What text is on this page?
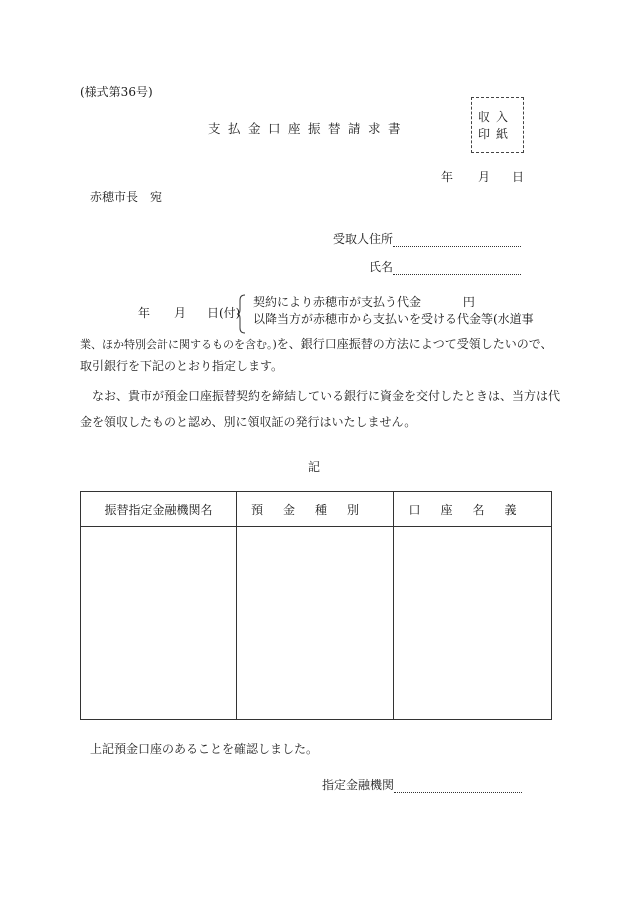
(様式第36号)
支払金口座振替請求書
収入
印紙
年 月 日
赤穂市長　宛
受取人住所
氏名
年 月 日(付)
契約により赤穂市が支払う代金	円
以降当方が赤穂市から支払いを受ける代金等(水道事
業、ほか特別会計に関するものを含む。)を、銀行口座振替の方法によつて受領したいので、
取引銀行を下記のとおり指定します。
なお、貴市が預金口座振替契約を締結している銀行に資金を交付したときは、当方は代
金を領収したものと認め、別に領収証の発行はいたしません。
記
振替指定金融機関名	預金種別	口座名義

上記預金口座のあることを確認しました。
指定金融機関
